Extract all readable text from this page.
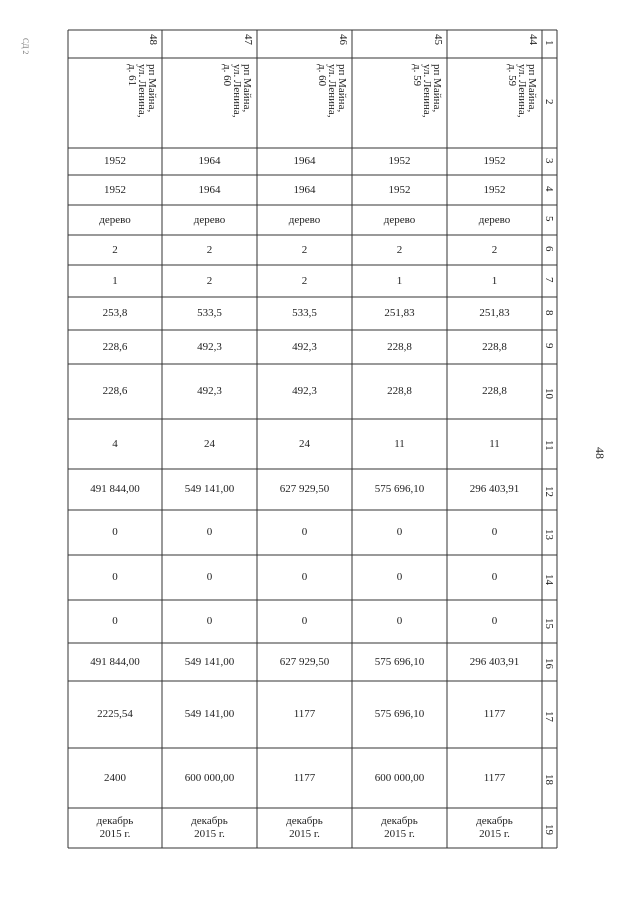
1
2
3
4
5
6
7
8
9
10
11
12
13
14
15
16
17
18
19
44
рп Майна,
ул. Ленина,
д. 59
1952
1952
дерево
2
1
251,83
228,8
228,8
11
296 403,91
0
0
0
296 403,91
1177
1177
декабрь
2015 г.
45
рп Майна,
ул. Ленина,
д. 59
1952
1952
дерево
2
1
251,83
228,8
228,8
11
575 696,10
0
0
0
575 696,10
575 696,10
600 000,00
декабрь
2015 г.
46
рп Майна,
ул. Ленина,
д. 60
1964
1964
дерево
2
2
533,5
492,3
492,3
24
627 929,50
0
0
0
627 929,50
1177
1177
декабрь
2015 г.
47
рп Майна,
ул. Ленина,
д. 60
1964
1964
дерево
2
2
533,5
492,3
492,3
24
549 141,00
0
0
0
549 141,00
549 141,00
600 000,00
декабрь
2015 г.
48
рп Майна,
ул. Ленина,
д. 61
1952
1952
дерево
2
1
253,8
228,6
228,6
4
491 844,00
0
0
0
491 844,00
2225,54
2400
декабрь
2015 г.
48
СД 2
